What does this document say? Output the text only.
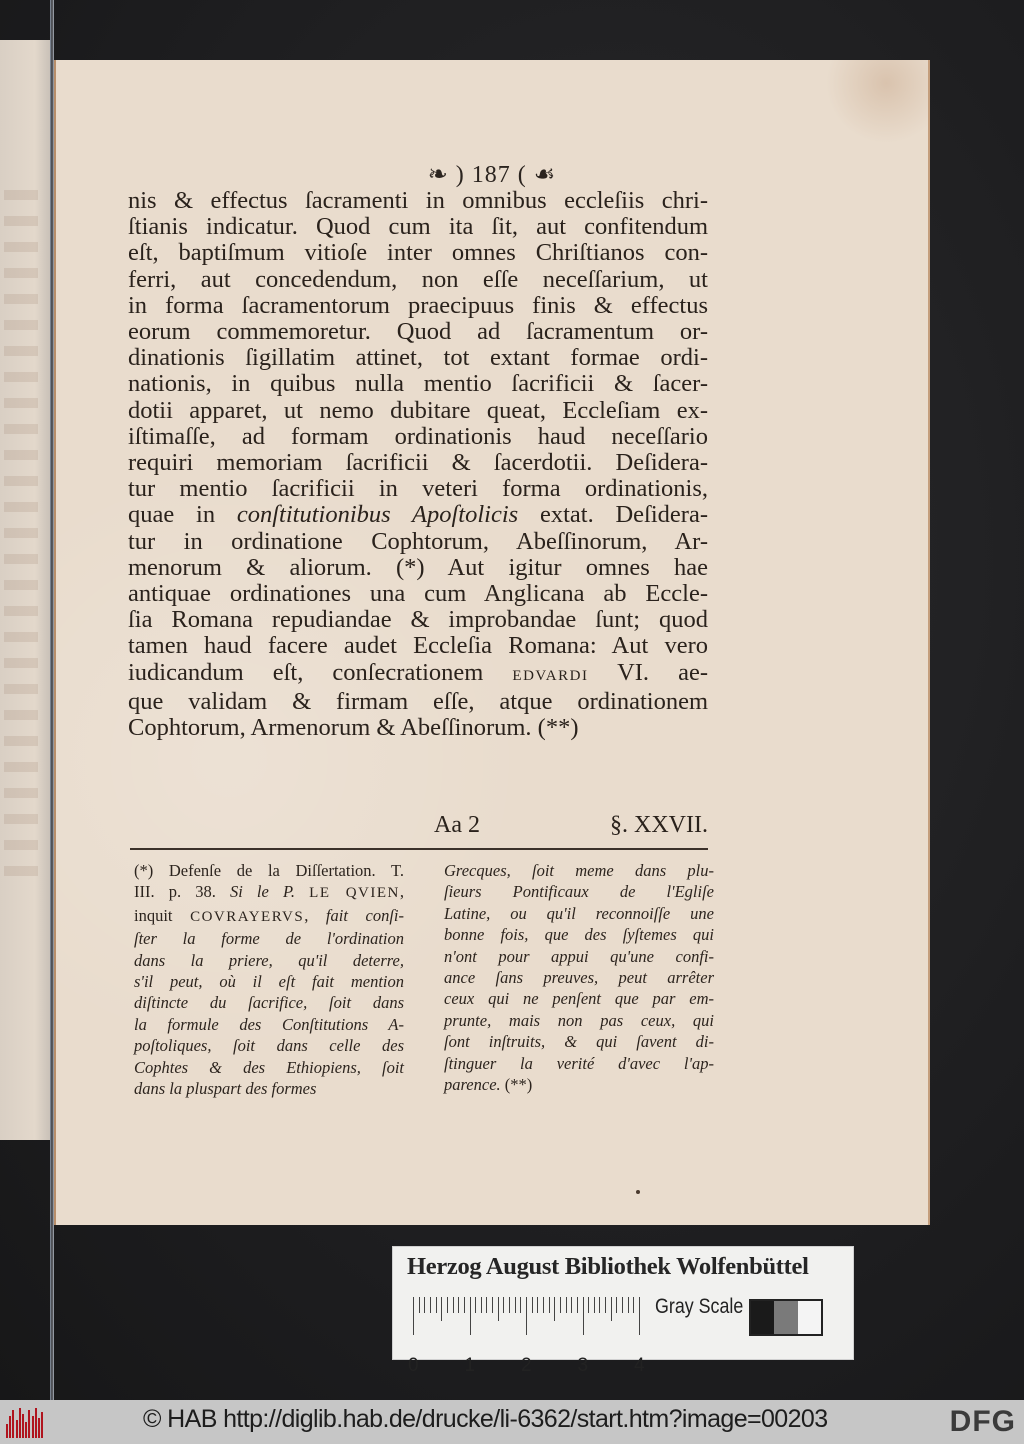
❧ ) 187 ( ☙
nis & effectus ſacramenti in omnibus eccleſiis chri-
ſtianis indicatur. Quod cum ita ſit, aut confitendum
eſt, baptiſmum vitioſe inter omnes Chriſtianos con-
ferri, aut concedendum, non eſſe neceſſarium, ut
in forma ſacramentorum praecipuus finis & effectus
eorum commemoretur. Quod ad ſacramentum or-
dinationis ſigillatim attinet, tot extant formae ordi-
nationis, in quibus nulla mentio ſacrificii & ſacer-
dotii apparet, ut nemo dubitare queat, Eccleſiam ex-
iſtimaſſe, ad formam ordinationis haud neceſſario
requiri memoriam ſacrificii & ſacerdotii. Deſidera-
tur mentio ſacrificii in veteri forma ordinationis,
quae in conſtitutionibus Apoſtolicis extat. Deſidera-
tur in ordinatione Cophtorum, Abeſſinorum, Ar-
menorum & aliorum. (*) Aut igitur omnes hae
antiquae ordinationes una cum Anglicana ab Eccle-
ſia Romana repudiandae & improbandae ſunt; quod
tamen haud facere audet Eccleſia Romana: Aut vero
iudicandum eſt, conſecrationem EDVARDI VI. ae-
que validam & firmam eſſe, atque ordinationem
Cophtorum, Armenorum & Abeſſinorum. (**)
Aa 2	§. XXVII.
(*) Defenſe de la Diſſertation. T.
III. p. 38. Si le P. LE QVIEN,
inquit COVRAYERVS, fait conſi-
ſter la forme de l'ordination
dans la priere, qu'il deterre,
s'il peut, où il eſt fait mention
diſtincte du ſacrifice, ſoit dans
la formule des Conſtitutions A-
poſtoliques, ſoit dans celle des
Cophtes & des Ethiopiens, ſoit
dans la pluspart des formes
Grecques, ſoit meme dans plu-
ſieurs Pontificaux de l'Egliſe
Latine, ou qu'il reconnoiſſe une
bonne fois, que des ſyſtemes qui
n'ont pour appui qu'une confi-
ance ſans preuves, peut arrêter
ceux qui ne penſent que par em-
prunte, mais non pas ceux, qui
ſont inſtruits, & qui ſavent di-
ſtinguer la verité d'avec l'ap-
parence. (**)
Herzog August Bibliothek Wolfenbüttel
0 1 2 3 4
Gray Scale
© HAB http://diglib.hab.de/drucke/li-6362/start.htm?image=00203	DFG
